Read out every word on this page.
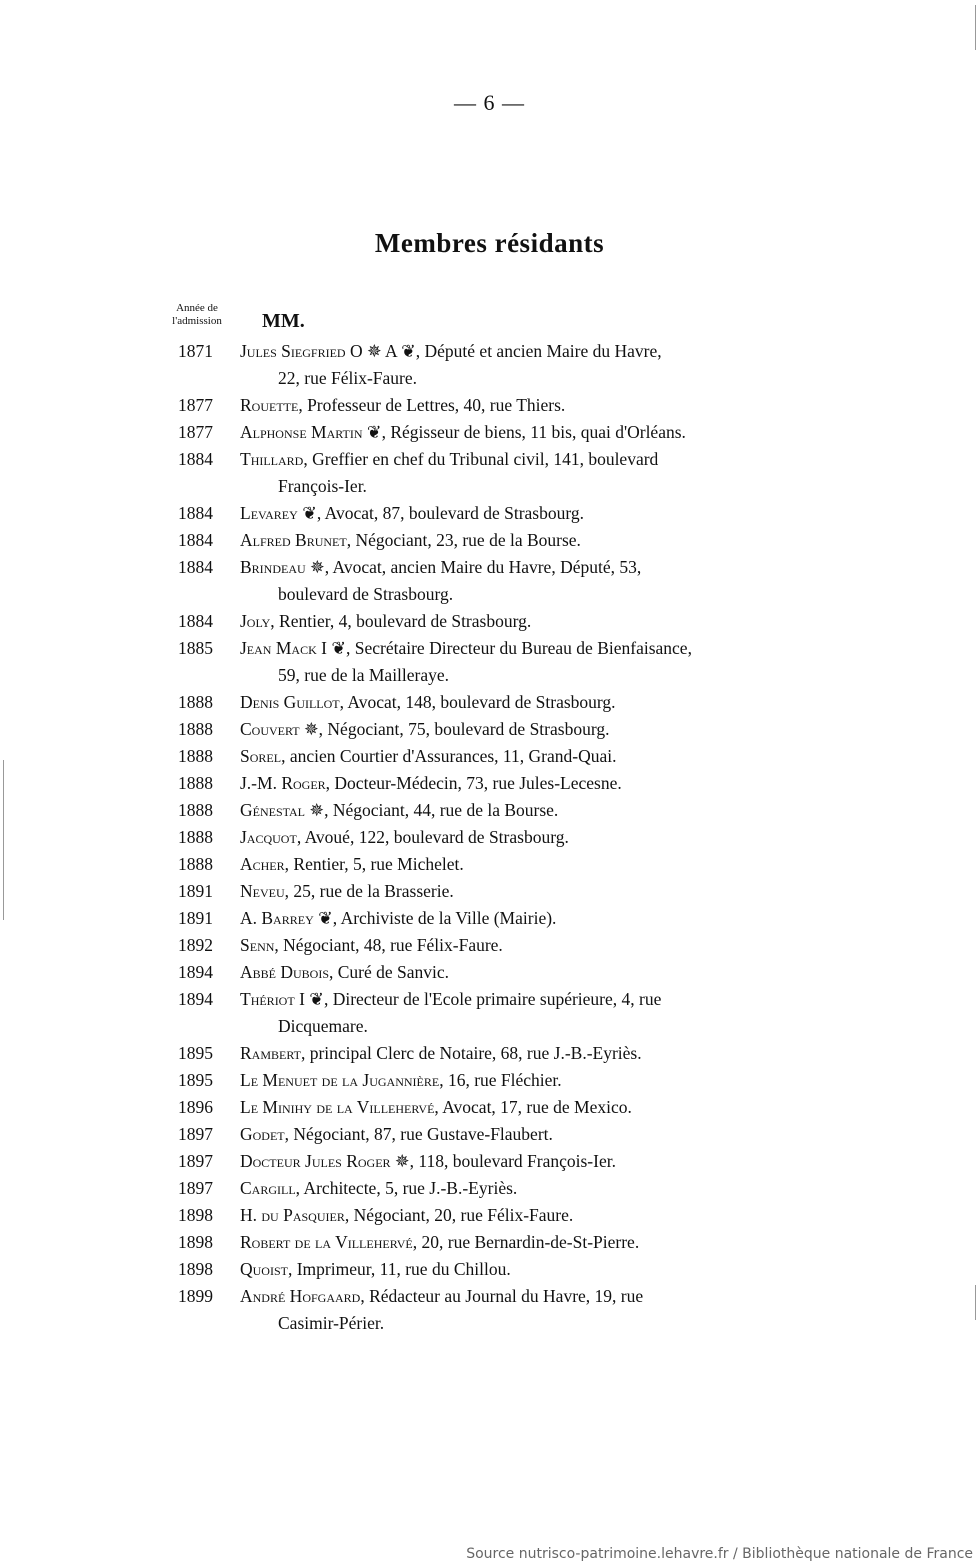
— 6 —
Membres résidants
Année de l'admission	MM.
1871	Jules Siegfried O ✵ A ❦, Député et ancien Maire du Havre,
22, rue Félix-Faure.
1877	Rouette, Professeur de Lettres, 40, rue Thiers.
1877	Alphonse Martin ❦, Régisseur de biens, 11 bis, quai d'Orléans.
1884	Thillard, Greffier en chef du Tribunal civil, 141, boulevard
François-Ier.
1884	Levarey ❦, Avocat, 87, boulevard de Strasbourg.
1884	Alfred Brunet, Négociant, 23, rue de la Bourse.
1884	Brindeau ✵, Avocat, ancien Maire du Havre, Député, 53,
boulevard de Strasbourg.
1884	Joly, Rentier, 4, boulevard de Strasbourg.
1885	Jean Mack I ❦, Secrétaire Directeur du Bureau de Bienfaisance,
59, rue de la Mailleraye.
1888	Denis Guillot, Avocat, 148, boulevard de Strasbourg.
1888	Couvert ✵, Négociant, 75, boulevard de Strasbourg.
1888	Sorel, ancien Courtier d'Assurances, 11, Grand-Quai.
1888	J.-M. Roger, Docteur-Médecin, 73, rue Jules-Lecesne.
1888	Génestal ✵, Négociant, 44, rue de la Bourse.
1888	Jacquot, Avoué, 122, boulevard de Strasbourg.
1888	Acher, Rentier, 5, rue Michelet.
1891	Neveu, 25, rue de la Brasserie.
1891	A. Barrey ❦, Archiviste de la Ville (Mairie).
1892	Senn, Négociant, 48, rue Félix-Faure.
1894	Abbé Dubois, Curé de Sanvic.
1894	Thériot I ❦, Directeur de l'Ecole primaire supérieure, 4, rue
Dicquemare.
1895	Rambert, principal Clerc de Notaire, 68, rue J.-B.-Eyriès.
1895	Le Menuet de la Jugannière, 16, rue Fléchier.
1896	Le Minihy de la Villehervé, Avocat, 17, rue de Mexico.
1897	Godet, Négociant, 87, rue Gustave-Flaubert.
1897	Docteur Jules Roger ✵, 118, boulevard François-Ier.
1897	Cargill, Architecte, 5, rue J.-B.-Eyriès.
1898	H. du Pasquier, Négociant, 20, rue Félix-Faure.
1898	Robert de la Villehervé, 20, rue Bernardin-de-St-Pierre.
1898	Quoist, Imprimeur, 11, rue du Chillou.
1899	André Hofgaard, Rédacteur au Journal du Havre, 19, rue
Casimir-Périer.
Source nutrisco-patrimoine.lehavre.fr / Bibliothèque nationale de France
